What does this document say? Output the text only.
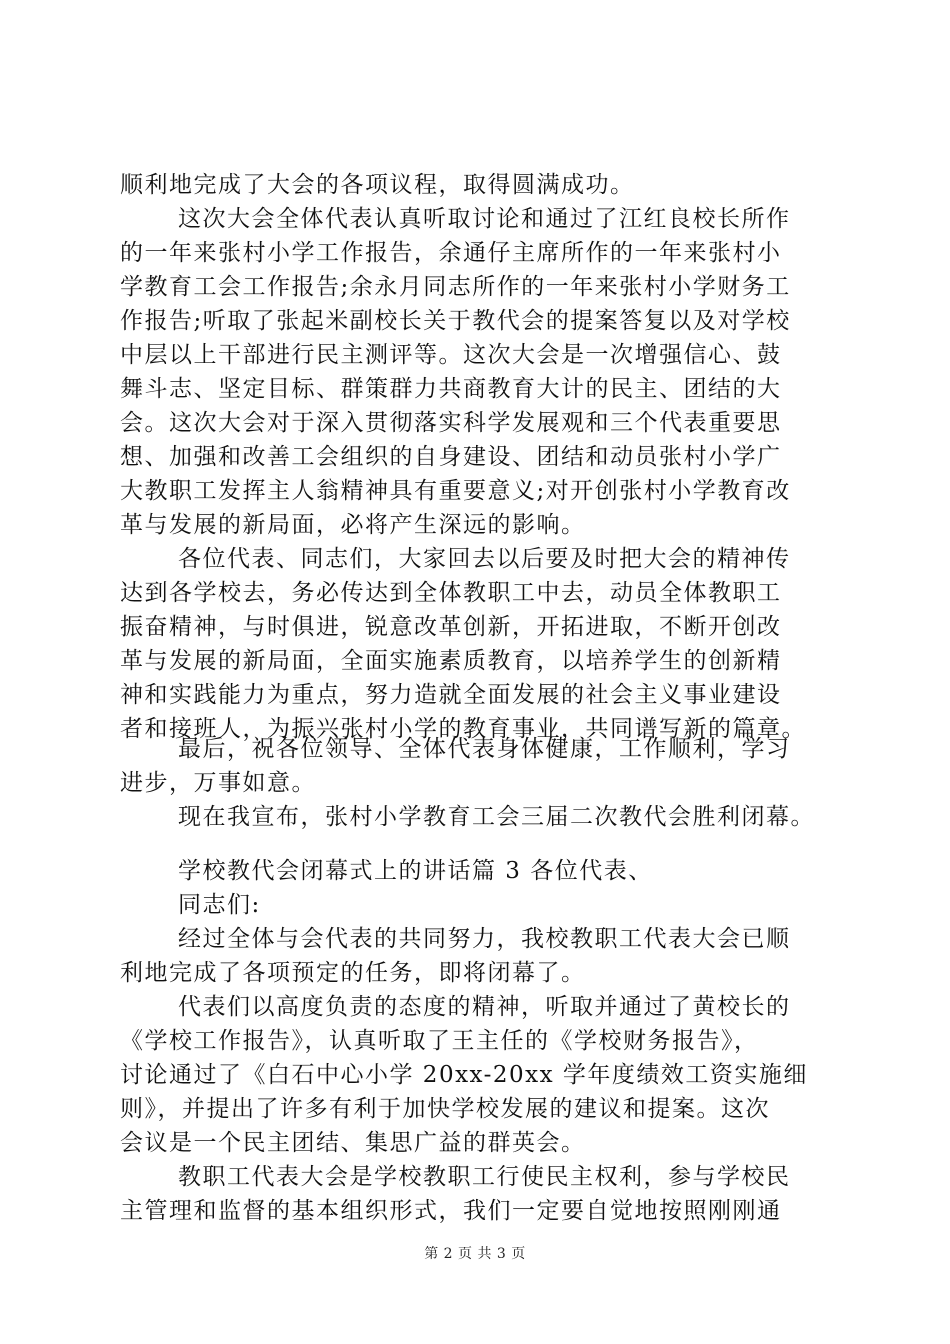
顺利地完成了大会的各项议程，取得圆满成功。
这次大会全体代表认真听取讨论和通过了江红良校长所作
的一年来张村小学工作报告，余通仔主席所作的一年来张村小
学教育工会工作报告;余永月同志所作的一年来张村小学财务工
作报告;听取了张起米副校长关于教代会的提案答复以及对学校
中层以上干部进行民主测评等。这次大会是一次增强信心、鼓
舞斗志、坚定目标、群策群力共商教育大计的民主、团结的大
会。这次大会对于深入贯彻落实科学发展观和三个代表重要思
想、加强和改善工会组织的自身建设、团结和动员张村小学广
大教职工发挥主人翁精神具有重要意义;对开创张村小学教育改
革与发展的新局面，必将产生深远的影响。
各位代表、同志们，大家回去以后要及时把大会的精神传
达到各学校去，务必传达到全体教职工中去，动员全体教职工
振奋精神，与时俱进，锐意改革创新，开拓进取，不断开创改
革与发展的新局面，全面实施素质教育，以培养学生的创新精
神和实践能力为重点，努力造就全面发展的社会主义事业建设
者和接班人，为振兴张村小学的教育事业，共同谱写新的篇章。
最后，祝各位领导、全体代表身体健康，工作顺利，学习
进步，万事如意。
现在我宣布，张村小学教育工会三届二次教代会胜利闭幕。
学校教代会闭幕式上的讲话篇 3 各位代表、
同志们:
经过全体与会代表的共同努力，我校教职工代表大会已顺
利地完成了各项预定的任务，即将闭幕了。
代表们以高度负责的态度的精神，听取并通过了黄校长的
《学校工作报告》，认真听取了王主任的《学校财务报告》，
讨论通过了《白石中心小学 20xx-20xx 学年度绩效工资实施细
则》，并提出了许多有利于加快学校发展的建议和提案。这次
会议是一个民主团结、集思广益的群英会。
教职工代表大会是学校教职工行使民主权利，参与学校民
主管理和监督的基本组织形式，我们一定要自觉地按照刚刚通
第 2 页 共 3 页
